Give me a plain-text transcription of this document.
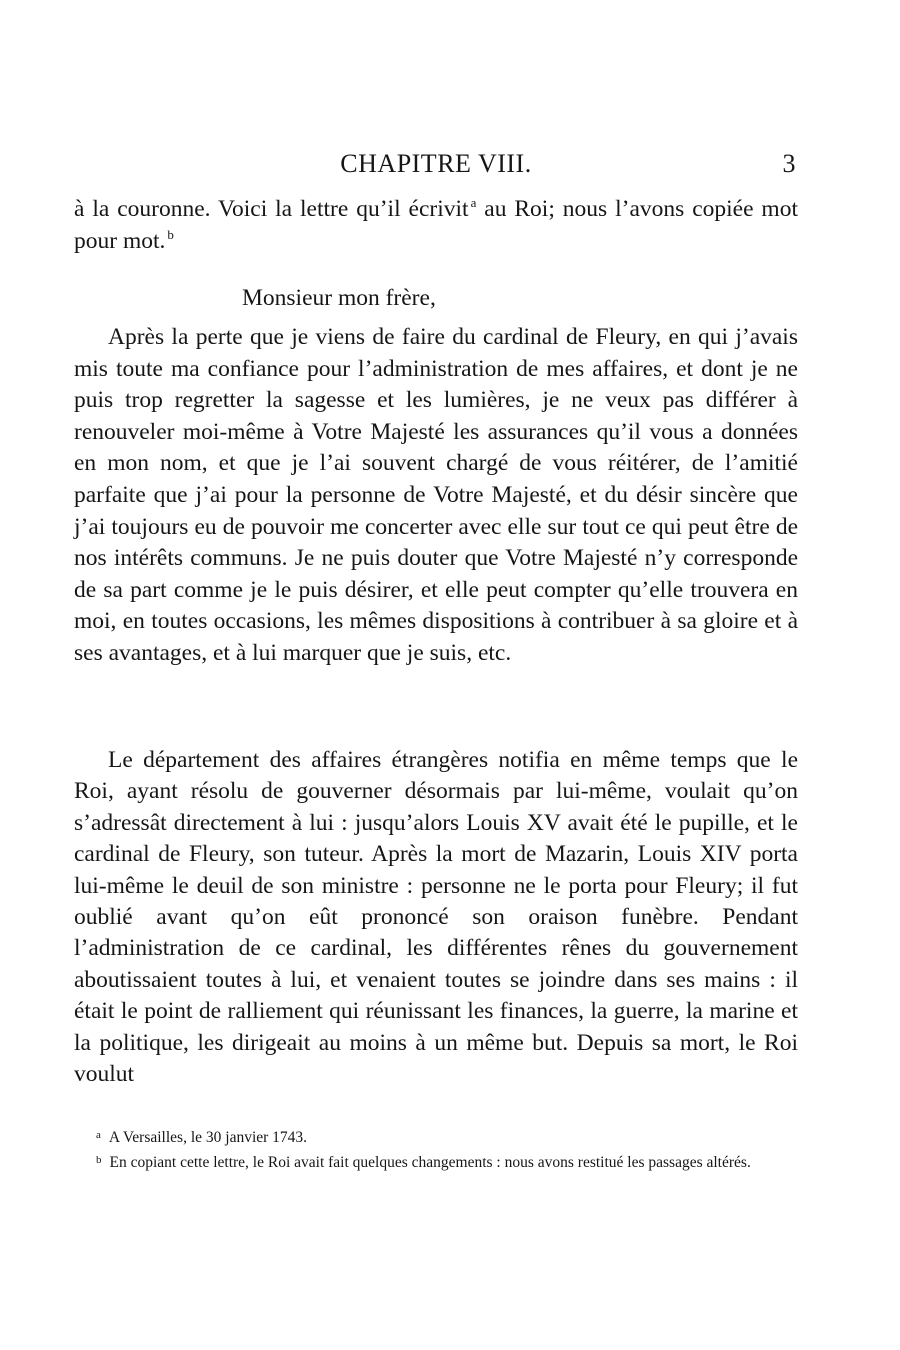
CHAPITRE VIII.	3

à la couronne. Voici la lettre qu’il écrivit $^a$ au Roi; nous l’avons copiée mot pour mot. $^b$

Monsieur mon frère,

Après la perte que je viens de faire du cardinal de Fleury, en qui j’avais mis toute ma confiance pour l’administration de mes affaires, et dont je ne puis trop regretter la sagesse et les lumières, je ne veux pas différer à renouveler moi-même à Votre Majesté les assurances qu’il vous a données en mon nom, et que je l’ai souvent chargé de vous réitérer, de l’amitié parfaite que j’ai pour la personne de Votre Majesté, et du désir sincère que j’ai toujours eu de pouvoir me concerter avec elle sur tout ce qui peut être de nos intérêts communs. Je ne puis douter que Votre Majesté n’y corresponde de sa part comme je le puis désirer, et elle peut compter qu’elle trouvera en moi, en toutes occasions, les mêmes dispositions à contribuer à sa gloire et à ses avantages, et à lui marquer que je suis, etc.

Le département des affaires étrangères notifia en même temps que le Roi, ayant résolu de gouverner désormais par lui-même, voulait qu’on s’adressât directement à lui : jusqu’alors Louis XV avait été le pupille, et le cardinal de Fleury, son tuteur. Après la mort de Mazarin, Louis XIV porta lui-même le deuil de son ministre : personne ne le porta pour Fleury; il fut oublié avant qu’on eût prononcé son oraison funèbre. Pendant l’administration de ce cardinal, les différentes rênes du gouvernement aboutissaient toutes à lui, et venaient toutes se joindre dans ses mains : il était le point de ralliement qui réunissant les finances, la guerre, la marine et la politique, les dirigeait au moins à un même but. Depuis sa mort, le Roi voulut

$^a$ A Versailles, le 30 janvier 1743.

$^b$ En copiant cette lettre, le Roi avait fait quelques changements : nous avons restitué les passages altérés.
